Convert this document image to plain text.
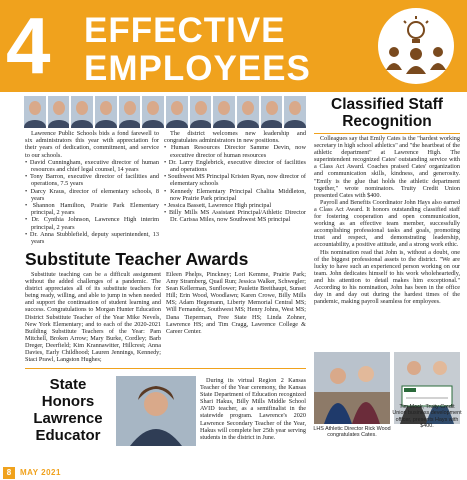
4 EFFECTIVE
EMPLOYEES

Lawrence Public Schools bids a fond farewell to six administrators this year with appreciation for their years of dedication, commitment, and service to our schools.

• David Cunningham, executive director of human resources and chief legal counsel, 14 years
• Tony Barron, executive director of facilities and operations, 7.5 years
• Darcy Kraus, director of elementary schools, 8 years
• Shannon Hamilton, Prairie Park Elementary principal, 2 years
• Dr. Cynthia Johnson, Lawrence High interim principal, 2 years
• Dr. Anna Stubblefield, deputy superintendent, 13 years

The district welcomes new leadership and congratulates administrators in new positions.

• Human Resources Director Samme Devin, now executive director of human resources
• Dr. Larry Englebrick, executive director of facilities and operations
• Southwest MS Principal Kristen Ryan, now director of elementary schools
• Kennedy Elementary Principal Chalita Middleton, now Prairie Park principal
• Jessica Bassett, Lawrence High principal
• Billy Mills MS Assistant Principal/Athletic Director Dr. Carissa Miles, now Southwest MS principal
Substitute Teacher Awards

Substitute teaching can be a difficult assignment without the added challenges of a pandemic. The district appreciates all of its substitute teachers for being ready, willing, and able to jump in when needed and support the continuation of student learning and success. Congratulations to Morgan Hunter Education District Substitute Teacher of the Year Mike Nevels, New York Elementary; and to each of the 2020-2021 Building Substitute Teachers of the Year: Pam Mitchell, Broken Arrow; Mary Burke, Cordley; Barb Dreger, Deerfield; Kim Krannawitter, Hillcrest; Anna Davies, Early Childhood; Lauren Jennings, Kennedy; Staci Prawl, Langston Hughes;

Eileen Phelps, Pinckney; Lori Kemme, Prairie Park; Amy Stramberg, Quail Run; Jessica Walker, Schwegler; Sean Kellerman, Sunflower; Paulette Breithaupt, Sunset Hill; Erin Wood, Woodlawn; Karen Crowe, Billy Mills MS; Adam Hegemann, Liberty Memorial Central MS; Will Fernandez, Southwest MS; Henry Johns, West MS; Dana Tieperman, Free State HS; Linda Zohner, Lawrence HS; and Tim Cragg, Lawrence College & Career Center.

State
Honors
Lawrence
Educator

During its virtual Region 2 Kansas Teacher of the Year ceremony, the Kansas State Department of Education recognized Shari Hakus, Billy Mills Middle School AVID teacher, as a semifinalist in the statewide program. Lawrence's 2020 Lawrence Secondary Teacher of the Year, Hakus will complete her 25th year serving students in the district in June.

Classified Staff
Recognition

Colleagues say that Emily Cates is the "hardest working secretary in high school athletics" and "the heartbeat of the athletic department" at Lawrence High. The superintendent recognized Cates' outstanding service with a Class Act Award. Coaches praised Cates' organization and communication skills, kindness, and generosity. "Emily is the glue that holds the athletic department together," wrote nominators. Truity Credit Union presented Cates with $400.

Payroll and Benefits Coordinator John Hays also earned a Class Act Award. It honors outstanding classified staff for fostering cooperation and open communication, working as an effective team member, successfully accomplishing professional tasks and goals, promoting trust and respect, and demonstrating leadership, accountability, a positive attitude, and a strong work ethic.

His nomination read that John is, without a doubt, one of the biggest professional assets to the district. "We are lucky to have such an experienced person working on our team. John dedicates himself to his work wholeheartedly, and his attention to detail makes him exceptional." According to his nomination, John has been in the office day in and day out during the hardest times of the pandemic, making payroll seamless for employees.

LHS Athletic Director Rick Wood congratulates Cates.
Tim Mock, Truity Credit Union business development officer, presents Hays with $400.
8	MAY 2021
